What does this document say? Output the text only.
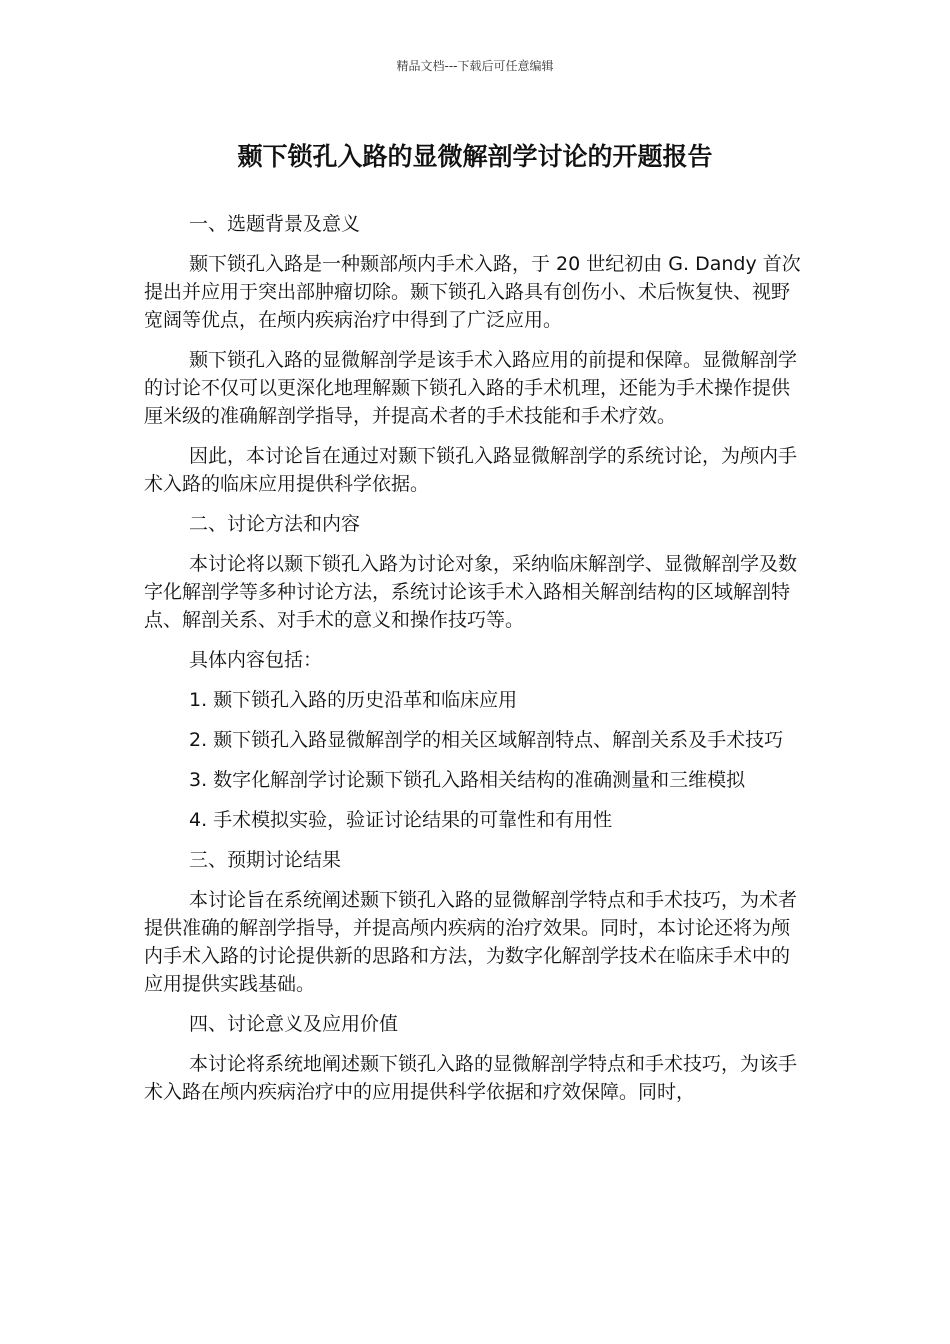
精品文档---下载后可任意编辑
颞下锁孔入路的显微解剖学讨论的开题报告

一、选题背景及意义

颞下锁孔入路是一种颞部颅内手术入路，于 20 世纪初由 G. Dandy 首次提出并应用于突出部肿瘤切除。颞下锁孔入路具有创伤小、术后恢复快、视野宽阔等优点，在颅内疾病治疗中得到了广泛应用。

颞下锁孔入路的显微解剖学是该手术入路应用的前提和保障。显微解剖学的讨论不仅可以更深化地理解颞下锁孔入路的手术机理，还能为手术操作提供厘米级的准确解剖学指导，并提高术者的手术技能和手术疗效。

因此，本讨论旨在通过对颞下锁孔入路显微解剖学的系统讨论，为颅内手术入路的临床应用提供科学依据。

二、讨论方法和内容

本讨论将以颞下锁孔入路为讨论对象，采纳临床解剖学、显微解剖学及数字化解剖学等多种讨论方法，系统讨论该手术入路相关解剖结构的区域解剖特点、解剖关系、对手术的意义和操作技巧等。

具体内容包括：

1. 颞下锁孔入路的历史沿革和临床应用

2. 颞下锁孔入路显微解剖学的相关区域解剖特点、解剖关系及手术技巧

3. 数字化解剖学讨论颞下锁孔入路相关结构的准确测量和三维模拟

4. 手术模拟实验，验证讨论结果的可靠性和有用性

三、预期讨论结果

本讨论旨在系统阐述颞下锁孔入路的显微解剖学特点和手术技巧，为术者提供准确的解剖学指导，并提高颅内疾病的治疗效果。同时，本讨论还将为颅内手术入路的讨论提供新的思路和方法，为数字化解剖学技术在临床手术中的应用提供实践基础。

四、讨论意义及应用价值

本讨论将系统地阐述颞下锁孔入路的显微解剖学特点和手术技巧，为该手术入路在颅内疾病治疗中的应用提供科学依据和疗效保障。同时，
